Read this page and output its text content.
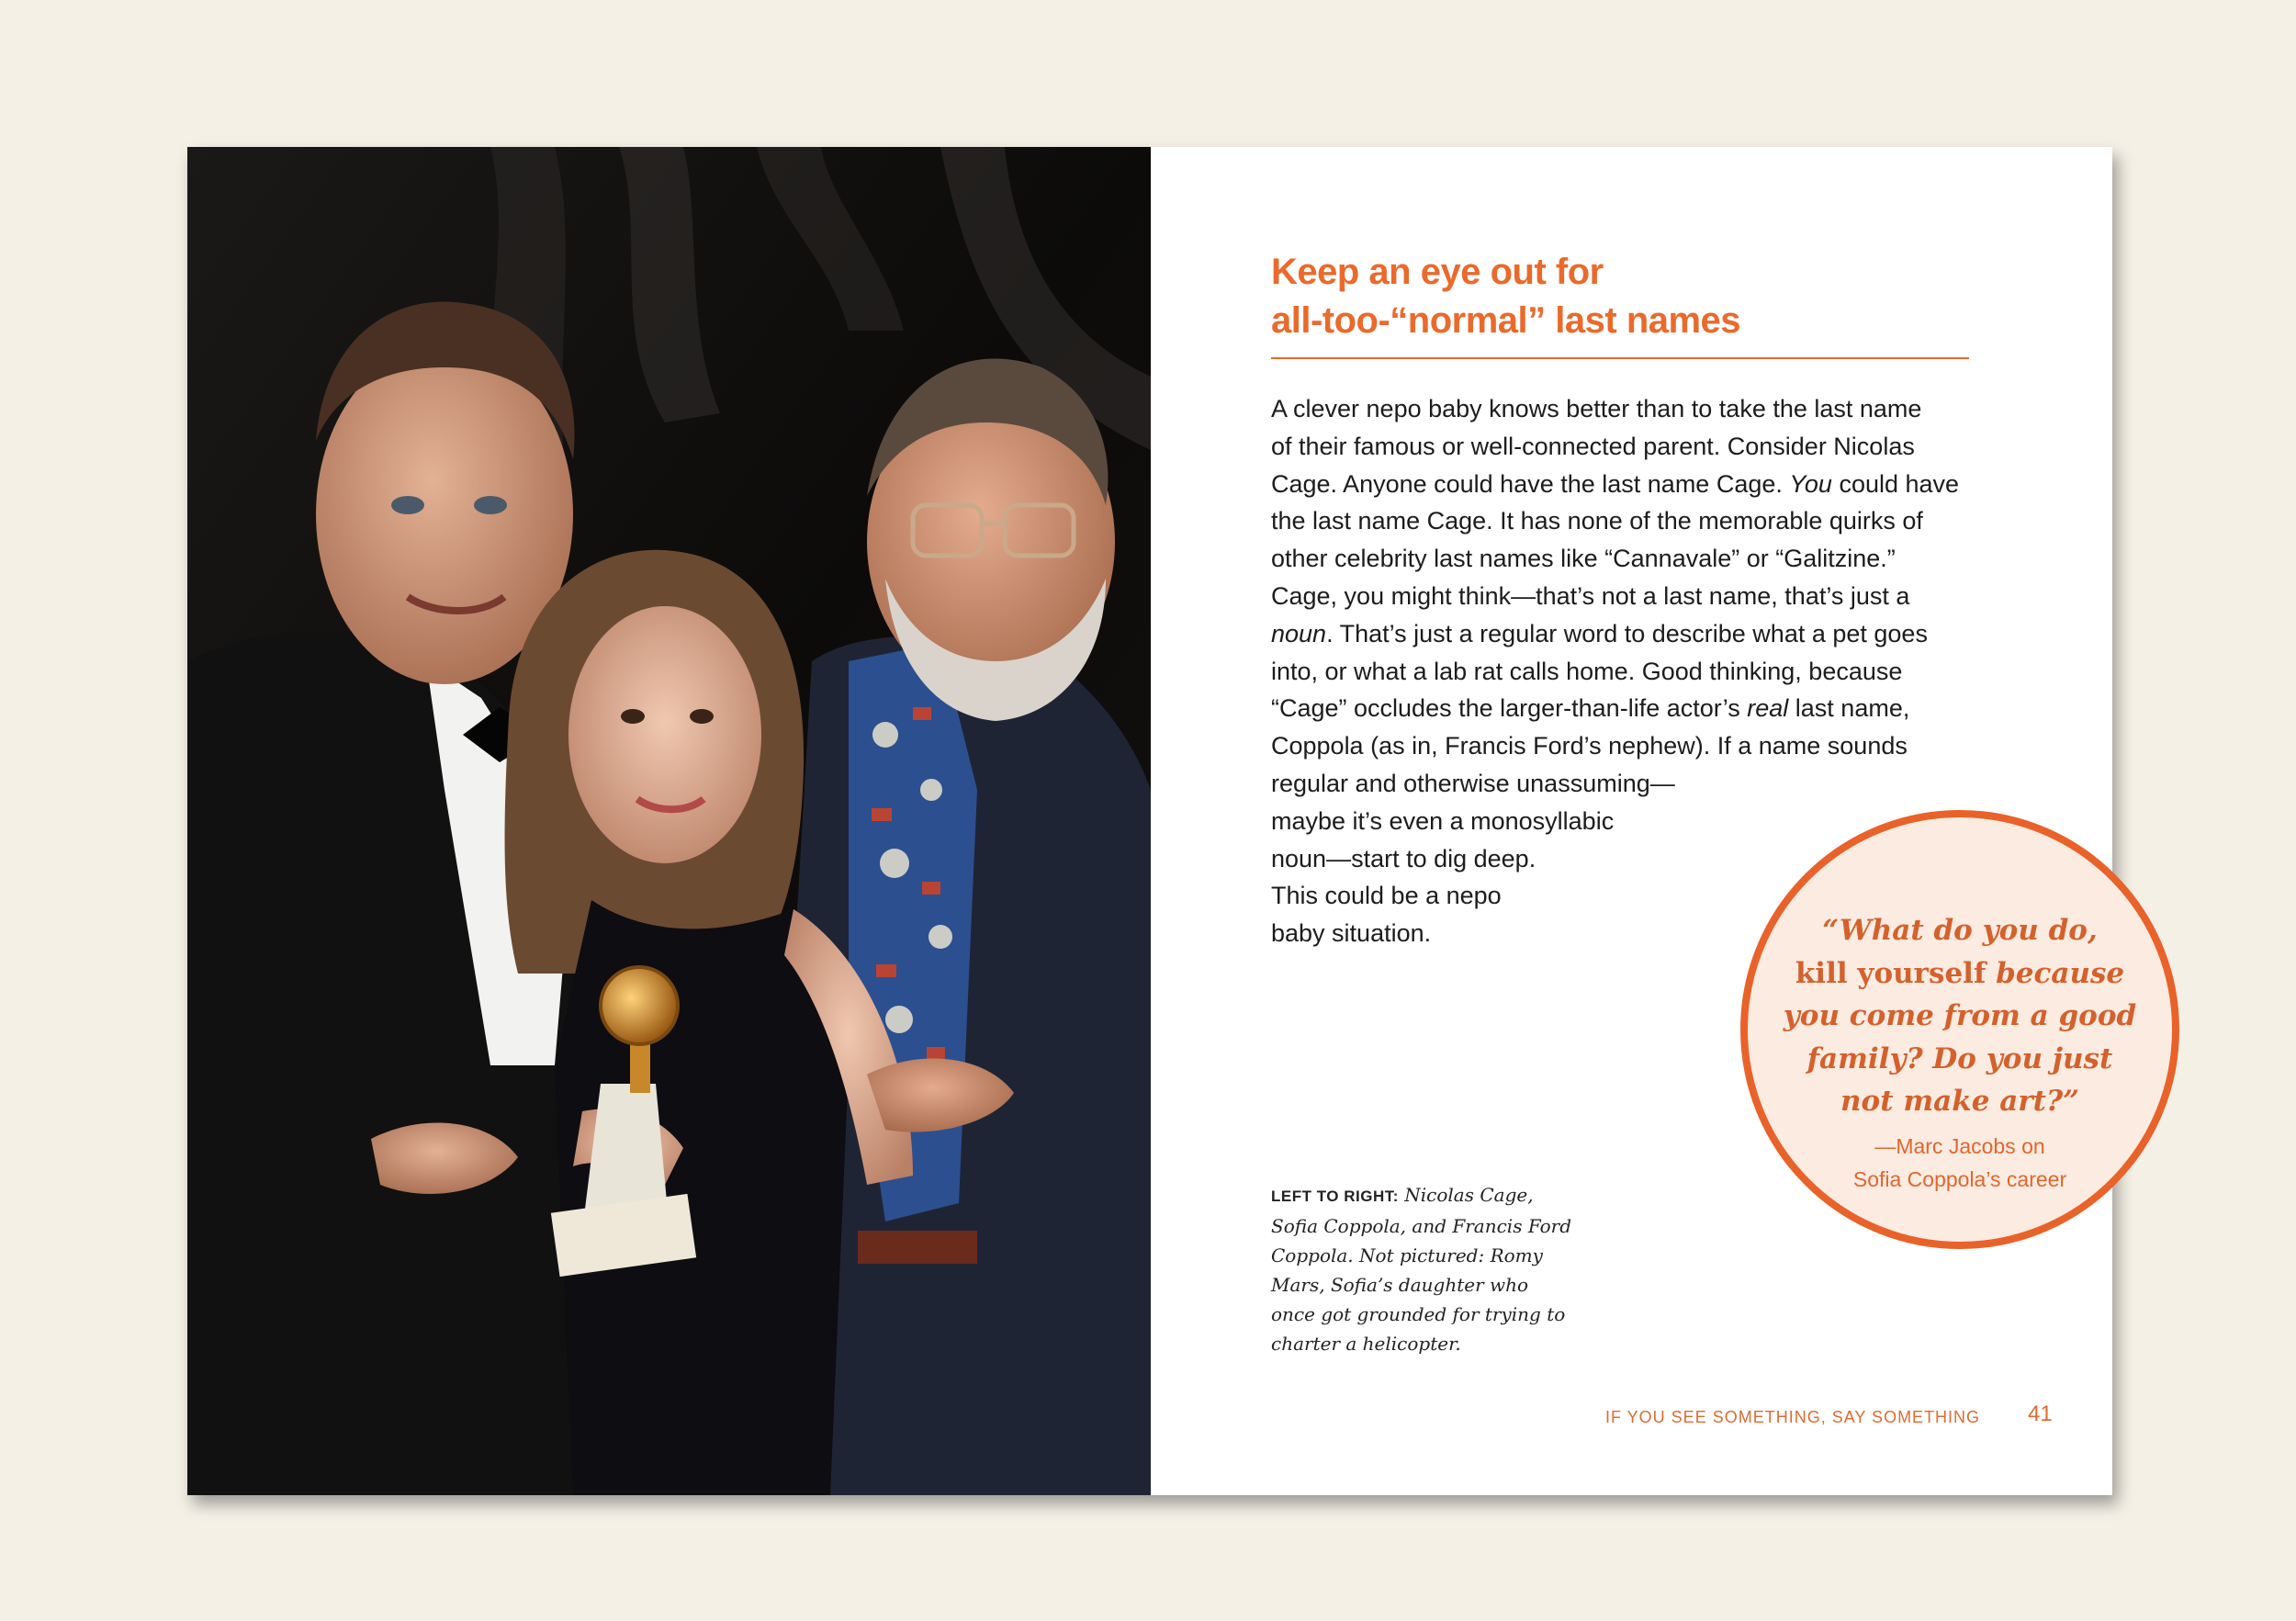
Keep an eye out for
all-too-“normal” last names
A clever nepo baby knows better than to take the last name
of their famous or well-connected parent. Consider Nicolas
Cage. Anyone could have the last name Cage. You could have
the last name Cage. It has none of the memorable quirks of
other celebrity last names like “Cannavale” or “Galitzine.”
Cage, you might think—that’s not a last name, that’s just a
noun. That’s just a regular word to describe what a pet goes
into, or what a lab rat calls home. Good thinking, because
“Cage” occludes the larger-than-life actor’s real last name,
Coppola (as in, Francis Ford’s nephew). If a name sounds
regular and otherwise unassuming—
maybe it’s even a monosyllabic
noun—start to dig deep.
This could be a nepo
baby situation.
LEFT TO RIGHT: Nicolas Cage,
Sofia Coppola, and Francis Ford
Coppola. Not pictured: Romy
Mars, Sofia’s daughter who
once got grounded for trying to
charter a helicopter.
“What do you do,
kill yourself because
you come from a good
family? Do you just
not make art?”
—Marc Jacobs on
Sofia Coppola’s career
IF YOU SEE SOMETHING, SAY SOMETHING 41
